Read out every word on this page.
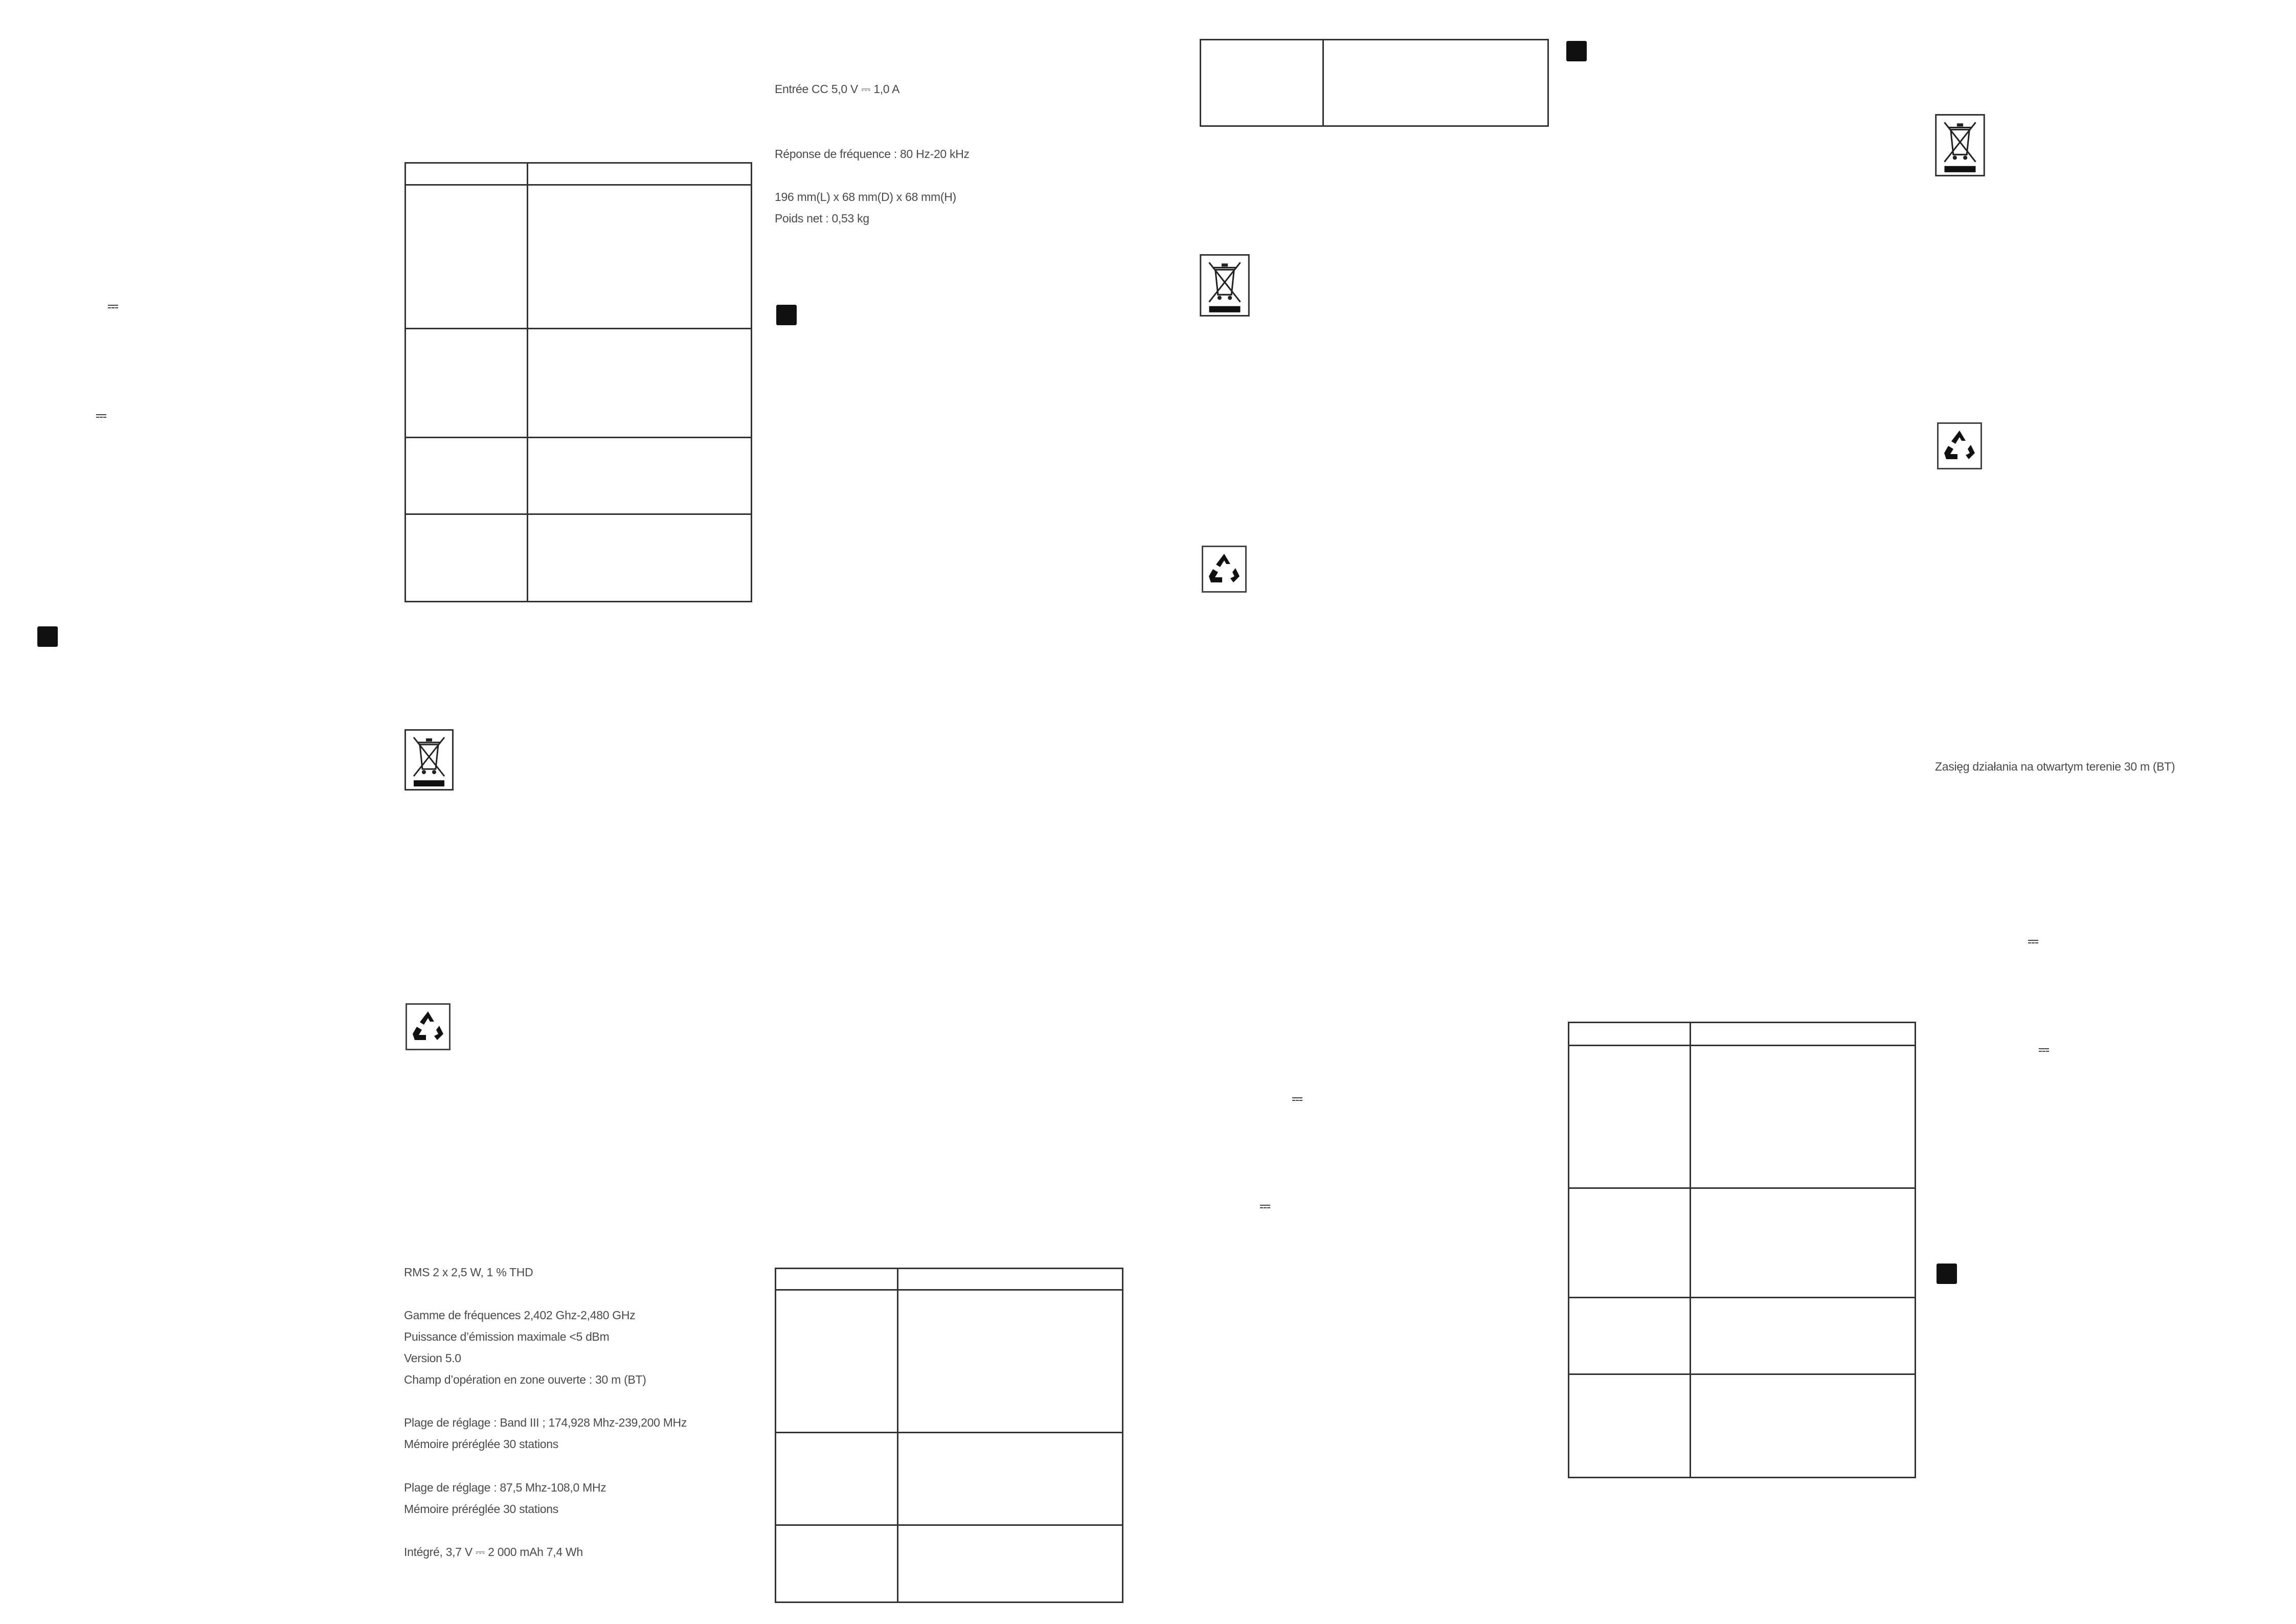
RMS 2 x 2,5 W, 1 % THD
Gamme de fréquences 2,402 Ghz-2,480 GHz
Puissance d’émission maximale <5 dBm
Version 5.0
Champ d’opération en zone ouverte : 30 m (BT)
Plage de réglage : Band III ; 174,928 Mhz-239,200 MHz
Mémoire préréglée 30 stations
Plage de réglage : 87,5 Mhz-108,0 MHz
Mémoire préréglée 30 stations
Intégré, 3,7 V ⎓ 2 000 mAh 7,4 Wh
Entrée CC 5,0 V ⎓ 1,0 A
Réponse de fréquence : 80 Hz-20 kHz
196 mm(L) x 68 mm(D) x 68 mm(H)
Poids net : 0,53 kg
Zasięg działania na otwartym terenie 30 m (BT)
